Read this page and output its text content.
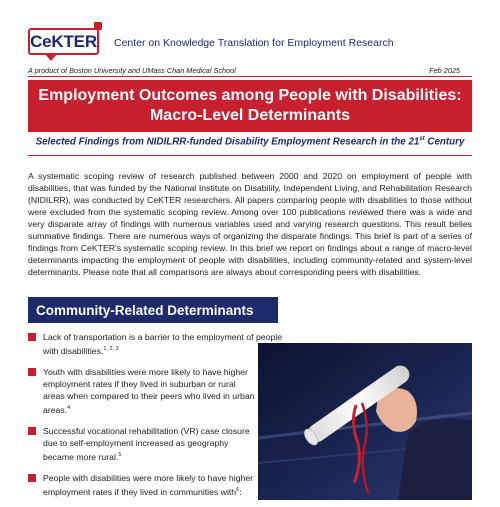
CeKTER Center on Knowledge Translation for Employment Research
A product of Boston University and UMass Chan Medical School	Feb 2025
Employment Outcomes among People with Disabilities:
Macro-Level Determinants
Selected Findings from NIDILRR-funded Disability Employment Research in the 21st Century

A systematic scoping review of research published between 2000 and 2020 on employment of people with disabilities, that was funded by the National Institute on Disability, Independent Living, and Rehabilitation Research (NIDILRR), was conducted by CeKTER researchers. All papers comparing people with disabilities to those without were excluded from the systematic scoping review. Among over 100 publications reviewed there was a wide and very disparate array of findings with numerous variables used and varying research questions. This result belies summative findings. There are numerous ways of organizing the disparate findings. This brief is part of a series of findings from CeKTER's systematic scoping review. In this brief we report on findings about a range of macro-level determinants impacting the employment of people with disabilities, including community-related and system-level determinants. Please note that all comparisons are always about corresponding peers with disabilities.

Community-Related Determinants
Lack of transportation is a barrier to the employment of people with disabilities.$^{1, 2, 3}$
Youth with disabilities were more likely to have higher employment rates if they lived in suburban or rural areas when compared to their peers who lived in urban areas.$^4$
Successful vocational rehabilitation (VR) case closure due to self-employment increased as geography became more rural.$^5$
People with disabilities were more likely to have higher employment rates if they lived in communities with$^6$:
